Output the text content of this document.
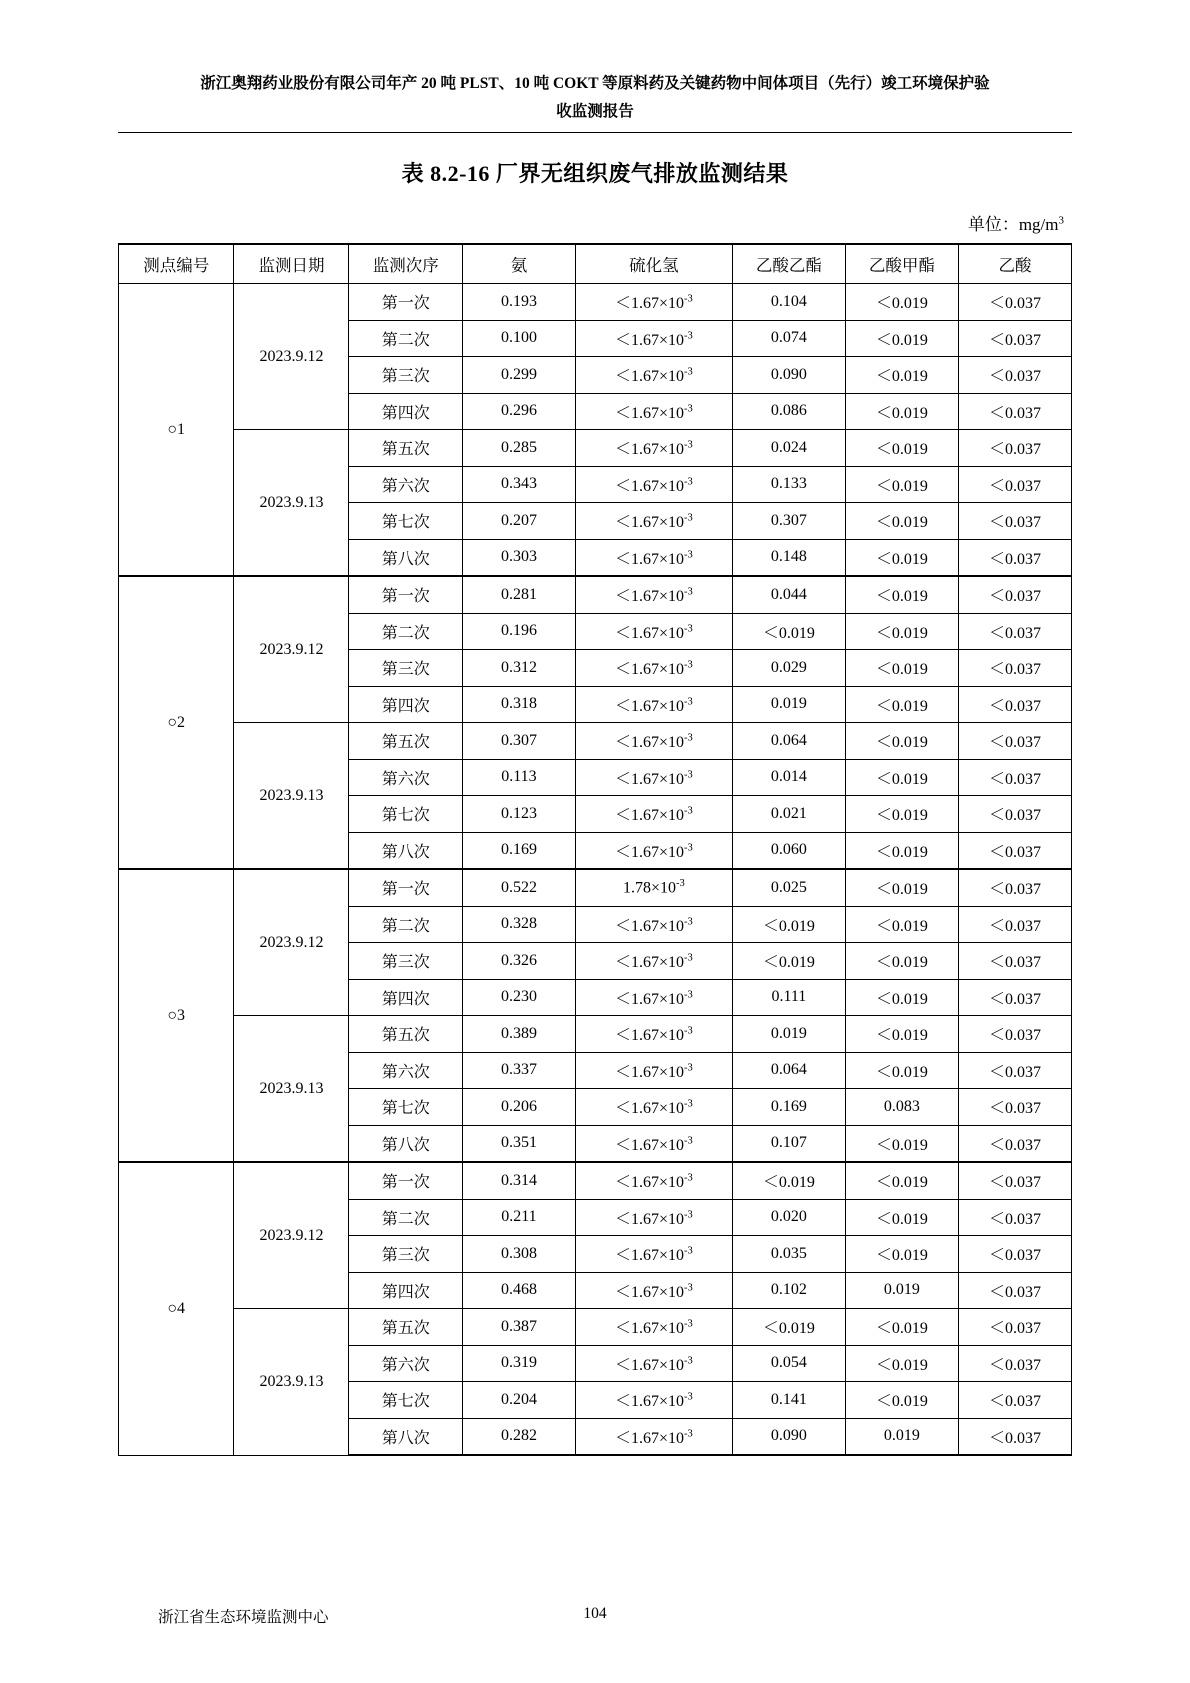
浙江奥翔药业股份有限公司年产 20 吨 PLST、10 吨 COKT 等原料药及关键药物中间体项目（先行）竣工环境保护验
收监测报告
表 8.2-16 厂界无组织废气排放监测结果
单位：$mg/m^3$
测点编号	监测日期	监测次序	氨	硫化氢	乙酸乙酯	乙酸甲酯	乙酸
○1	2023.9.12	第一次	0.193	$<1.67\times 10^{-3}$	0.104	＜0.019	＜0.037
		第二次	0.100	$<1.67\times 10^{-3}$	0.074	＜0.019	＜0.037
		第三次	0.299	$<1.67\times 10^{-3}$	0.090	＜0.019	＜0.037
		第四次	0.296	$<1.67\times 10^{-3}$	0.086	＜0.019	＜0.037
	2023.9.13	第五次	0.285	$<1.67\times 10^{-3}$	0.024	＜0.019	＜0.037
		第六次	0.343	$<1.67\times 10^{-3}$	0.133	＜0.019	＜0.037
		第七次	0.207	$<1.67\times 10^{-3}$	0.307	＜0.019	＜0.037
		第八次	0.303	$<1.67\times 10^{-3}$	0.148	＜0.019	＜0.037
○2	2023.9.12	第一次	0.281	$<1.67\times 10^{-3}$	0.044	＜0.019	＜0.037
		第二次	0.196	$<1.67\times 10^{-3}$	＜0.019	＜0.019	＜0.037
		第三次	0.312	$<1.67\times 10^{-3}$	0.029	＜0.019	＜0.037
		第四次	0.318	$<1.67\times 10^{-3}$	0.019	＜0.019	＜0.037
	2023.9.13	第五次	0.307	$<1.67\times 10^{-3}$	0.064	＜0.019	＜0.037
		第六次	0.113	$<1.67\times 10^{-3}$	0.014	＜0.019	＜0.037
		第七次	0.123	$<1.67\times 10^{-3}$	0.021	＜0.019	＜0.037
		第八次	0.169	$<1.67\times 10^{-3}$	0.060	＜0.019	＜0.037
○3	2023.9.12	第一次	0.522	$1.78\times 10^{-3}$	0.025	＜0.019	＜0.037
		第二次	0.328	$<1.67\times 10^{-3}$	＜0.019	＜0.019	＜0.037
		第三次	0.326	$<1.67\times 10^{-3}$	＜0.019	＜0.019	＜0.037
		第四次	0.230	$<1.67\times 10^{-3}$	0.111	＜0.019	＜0.037
	2023.9.13	第五次	0.389	$<1.67\times 10^{-3}$	0.019	＜0.019	＜0.037
		第六次	0.337	$<1.67\times 10^{-3}$	0.064	＜0.019	＜0.037
		第七次	0.206	$<1.67\times 10^{-3}$	0.169	0.083	＜0.037
		第八次	0.351	$<1.67\times 10^{-3}$	0.107	＜0.019	＜0.037
○4	2023.9.12	第一次	0.314	$<1.67\times 10^{-3}$	＜0.019	＜0.019	＜0.037
		第二次	0.211	$<1.67\times 10^{-3}$	0.020	＜0.019	＜0.037
		第三次	0.308	$<1.67\times 10^{-3}$	0.035	＜0.019	＜0.037
		第四次	0.468	$<1.67\times 10^{-3}$	0.102	0.019	＜0.037
	2023.9.13	第五次	0.387	$<1.67\times 10^{-3}$	＜0.019	＜0.019	＜0.037
		第六次	0.319	$<1.67\times 10^{-3}$	0.054	＜0.019	＜0.037
		第七次	0.204	$<1.67\times 10^{-3}$	0.141	＜0.019	＜0.037
		第八次	0.282	$<1.67\times 10^{-3}$	0.090	0.019	＜0.037
浙江省生态环境监测中心	104
